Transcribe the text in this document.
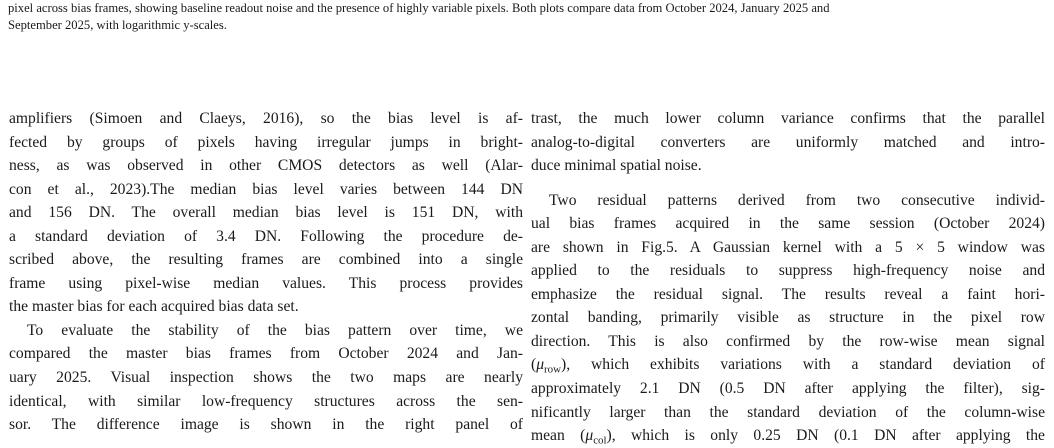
pixel across bias frames, showing baseline readout noise and the presence of highly variable pixels. Both plots compare data from October 2024, January 2025 and
September 2025, with logarithmic y-scales.
amplifiers (Simoen and Claeys, 2016), so the bias level is af-
fected by groups of pixels having irregular jumps in bright-
ness, as was observed in other CMOS detectors as well (Alar-
con et al., 2023).The median bias level varies between 144 DN
and 156 DN. The overall median bias level is 151 DN, with
a standard deviation of 3.4 DN. Following the procedure de-
scribed above, the resulting frames are combined into a single
frame using pixel-wise median values. This process provides
the master bias for each acquired bias data set.
To evaluate the stability of the bias pattern over time, we
compared the master bias frames from October 2024 and Jan-
uary 2025. Visual inspection shows the two maps are nearly
identical, with similar low-frequency structures across the sen-
sor. The difference image is shown in the right panel of
trast, the much lower column variance confirms that the parallel
analog-to-digital converters are uniformly matched and intro-
duce minimal spatial noise.
Two residual patterns derived from two consecutive individ-
ual bias frames acquired in the same session (October 2024)
are shown in Fig.5. A Gaussian kernel with a 5 × 5 window was
applied to the residuals to suppress high-frequency noise and
emphasize the residual signal. The results reveal a faint hori-
zontal banding, primarily visible as structure in the pixel row
direction. This is also confirmed by the row-wise mean signal
$(\mu_{row})$, which exhibits variations with a standard deviation of
approximately 2.1 DN (0.5 DN after applying the filter), sig-
nificantly larger than the standard deviation of the column-wise
mean $(\mu_{col})$, which is only 0.25 DN (0.1 DN after applying the
